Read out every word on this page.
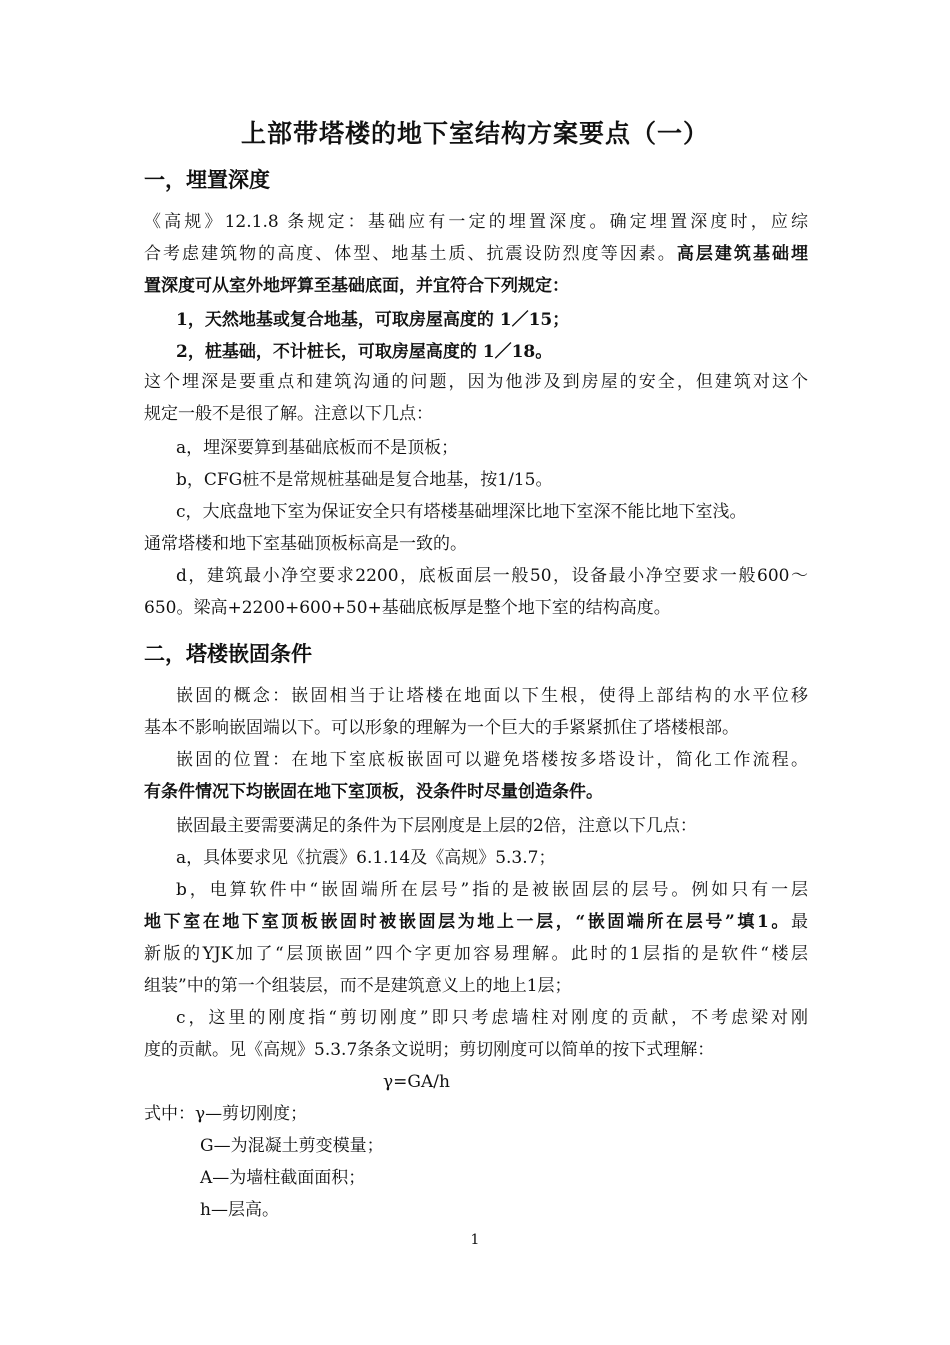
上部带塔楼的地下室结构方案要点（一）
一，埋置深度
《高规》12.1.8 条规定：基础应有一定的埋置深度。确定埋置深度时，应综
合考虑建筑物的高度、体型、地基土质、抗震设防烈度等因素。高层建筑基础埋
置深度可从室外地坪算至基础底面，并宜符合下列规定：
1，天然地基或复合地基，可取房屋高度的 1／15；
2，桩基础，不计桩长，可取房屋高度的 1／18。
这个埋深是要重点和建筑沟通的问题，因为他涉及到房屋的安全，但建筑对这个
规定一般不是很了解。注意以下几点：
a，埋深要算到基础底板而不是顶板；
b，CFG桩不是常规桩基础是复合地基，按1/15。
c，大底盘地下室为保证安全只有塔楼基础埋深比地下室深不能比地下室浅。
通常塔楼和地下室基础顶板标高是一致的。
d，建筑最小净空要求2200，底板面层一般50，设备最小净空要求一般600～
650。梁高+2200+600+50+基础底板厚是整个地下室的结构高度。
二，塔楼嵌固条件
嵌固的概念：嵌固相当于让塔楼在地面以下生根，使得上部结构的水平位移
基本不影响嵌固端以下。可以形象的理解为一个巨大的手紧紧抓住了塔楼根部。
嵌固的位置：在地下室底板嵌固可以避免塔楼按多塔设计，简化工作流程。
有条件情况下均嵌固在地下室顶板，没条件时尽量创造条件。
嵌固最主要需要满足的条件为下层刚度是上层的2倍，注意以下几点：
a，具体要求见《抗震》6.1.14及《高规》5.3.7；
b，电算软件中“嵌固端所在层号”指的是被嵌固层的层号。例如只有一层
地下室在地下室顶板嵌固时被嵌固层为地上一层，“嵌固端所在层号”填1。最
新版的YJK加了“层顶嵌固”四个字更加容易理解。此时的1层指的是软件“楼层
组装”中的第一个组装层，而不是建筑意义上的地上1层；
c，这里的刚度指“剪切刚度”即只考虑墙柱对刚度的贡献，不考虑梁对刚
度的贡献。见《高规》5.3.7条条文说明；剪切刚度可以简单的按下式理解：
γ=GA/h
式中：γ—剪切刚度；
G—为混凝土剪变模量；
A—为墙柱截面面积；
h—层高。
1
